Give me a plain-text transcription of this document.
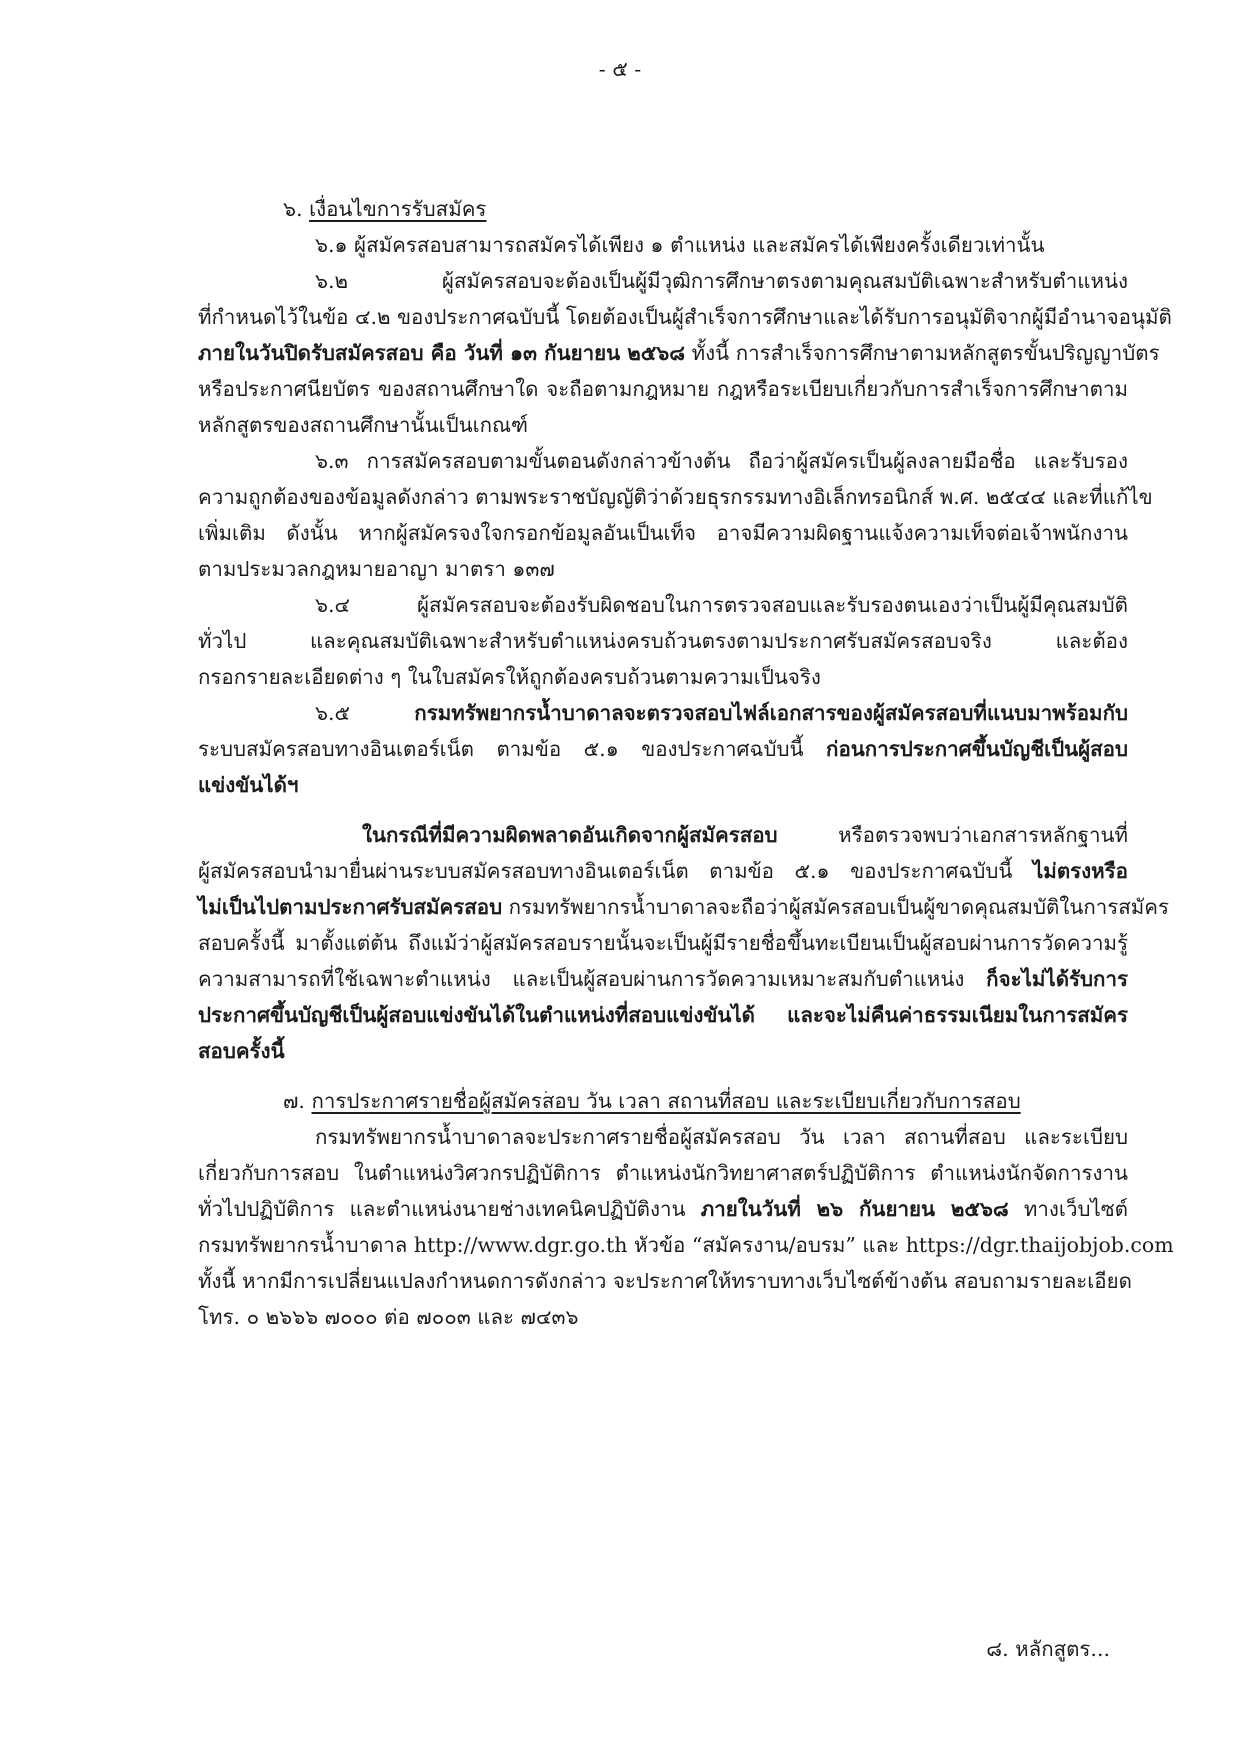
- ๕ -
๖. เงื่อนไขการรับสมัคร
๖.๑ ผู้สมัครสอบสามารถสมัครได้เพียง ๑ ตำแหน่ง และสมัครได้เพียงครั้งเดียวเท่านั้น
๖.๒ ผู้สมัครสอบจะต้องเป็นผู้มีวุฒิการศึกษาตรงตามคุณสมบัติเฉพาะสำหรับตำแหน่ง
ที่กำหนดไว้ในข้อ ๔.๒ ของประกาศฉบับนี้ โดยต้องเป็นผู้สำเร็จการศึกษาและได้รับการอนุมัติจากผู้มีอำนาจอนุมัติ
ภายในวันปิดรับสมัครสอบ คือ วันที่ ๑๓ กันยายน ๒๕๖๘ ทั้งนี้ การสำเร็จการศึกษาตามหลักสูตรขั้นปริญญาบัตร
หรือประกาศนียบัตร ของสถานศึกษาใด จะถือตามกฎหมาย กฎหรือระเบียบเกี่ยวกับการสำเร็จการศึกษาตาม
หลักสูตรของสถานศึกษานั้นเป็นเกณฑ์
๖.๓ การสมัครสอบตามขั้นตอนดังกล่าวข้างต้น ถือว่าผู้สมัครเป็นผู้ลงลายมือชื่อ และรับรอง
ความถูกต้องของข้อมูลดังกล่าว ตามพระราชบัญญัติว่าด้วยธุรกรรมทางอิเล็กทรอนิกส์ พ.ศ. ๒๕๔๔ และที่แก้ไข
เพิ่มเติม ดังนั้น หากผู้สมัครจงใจกรอกข้อมูลอันเป็นเท็จ อาจมีความผิดฐานแจ้งความเท็จต่อเจ้าพนักงาน
ตามประมวลกฎหมายอาญา มาตรา ๑๓๗
๖.๔ ผู้สมัครสอบจะต้องรับผิดชอบในการตรวจสอบและรับรองตนเองว่าเป็นผู้มีคุณสมบัติ
ทั่วไป และคุณสมบัติเฉพาะสำหรับตำแหน่งครบถ้วนตรงตามประกาศรับสมัครสอบจริง และต้อง
กรอกรายละเอียดต่าง ๆ ในใบสมัครให้ถูกต้องครบถ้วนตามความเป็นจริง
๖.๕	กรมทรัพยากรน้ำบาดาลจะตรวจสอบไฟล์เอกสารของผู้สมัครสอบที่แนบมาพร้อมกับ
ระบบสมัครสอบทางอินเตอร์เน็ต ตามข้อ ๕.๑ ของประกาศฉบับนี้ ก่อนการประกาศขึ้นบัญชีเป็นผู้สอบ
แข่งขันได้ฯ
ในกรณีที่มีความผิดพลาดอันเกิดจากผู้สมัครสอบ หรือตรวจพบว่าเอกสารหลักฐานที่
ผู้สมัครสอบนำมายื่นผ่านระบบสมัครสอบทางอินเตอร์เน็ต ตามข้อ ๕.๑ ของประกาศฉบับนี้ ไม่ตรงหรือ
ไม่เป็นไปตามประกาศรับสมัครสอบ กรมทรัพยากรน้ำบาดาลจะถือว่าผู้สมัครสอบเป็นผู้ขาดคุณสมบัติในการสมัคร
สอบครั้งนี้ มาตั้งแต่ต้น ถึงแม้ว่าผู้สมัครสอบรายนั้นจะเป็นผู้มีรายชื่อขึ้นทะเบียนเป็นผู้สอบผ่านการวัดความรู้
ความสามารถที่ใช้เฉพาะตำแหน่ง และเป็นผู้สอบผ่านการวัดความเหมาะสมกับตำแหน่ง ก็จะไม่ได้รับการ
ประกาศขึ้นบัญชีเป็นผู้สอบแข่งขันได้ในตำแหน่งที่สอบแข่งขันได้ และจะไม่คืนค่าธรรมเนียมในการสมัคร
สอบครั้งนี้
๗. การประกาศรายชื่อผู้สมัครสอบ วัน เวลา สถานที่สอบ และระเบียบเกี่ยวกับการสอบ
กรมทรัพยากรน้ำบาดาลจะประกาศรายชื่อผู้สมัครสอบ วัน เวลา สถานที่สอบ และระเบียบ
เกี่ยวกับการสอบ ในตำแหน่งวิศวกรปฏิบัติการ ตำแหน่งนักวิทยาศาสตร์ปฏิบัติการ ตำแหน่งนักจัดการงาน
ทั่วไปปฏิบัติการ และตำแหน่งนายช่างเทคนิคปฏิบัติงาน ภายในวันที่ ๒๖ กันยายน ๒๕๖๘ ทางเว็บไซต์
กรมทรัพยากรน้ำบาดาล http://www.dgr.go.th หัวข้อ “สมัครงาน/อบรม” และ https://dgr.thaijobjob.com
ทั้งนี้ หากมีการเปลี่ยนแปลงกำหนดการดังกล่าว จะประกาศให้ทราบทางเว็บไซต์ข้างต้น สอบถามรายละเอียด
โทร. ๐ ๒๖๖๖ ๗๐๐๐ ต่อ ๗๐๐๓ และ ๗๔๓๖
๘. หลักสูตร...
